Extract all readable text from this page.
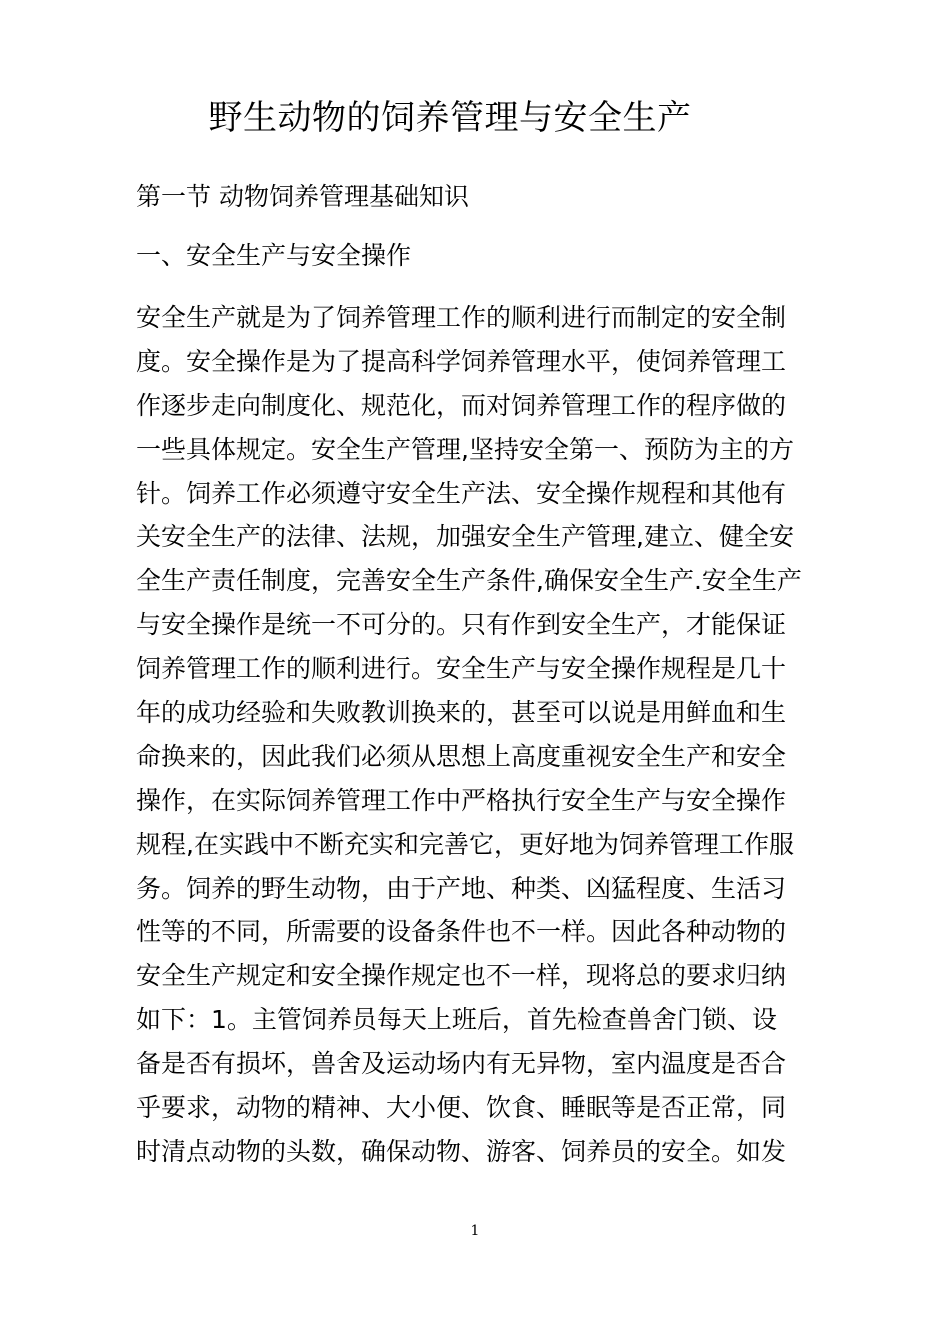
野生动物的饲养管理与安全生产
第一节 动物饲养管理基础知识
一、安全生产与安全操作
安全生产就是为了饲养管理工作的顺利进行而制定的安全制
度。安全操作是为了提高科学饲养管理水平，使饲养管理工
作逐步走向制度化、规范化，而对饲养管理工作的程序做的
一些具体规定。安全生产管理,坚持安全第一、预防为主的方
针。饲养工作必须遵守安全生产法、安全操作规程和其他有
关安全生产的法律、法规，加强安全生产管理,建立、健全安
全生产责任制度，完善安全生产条件,确保安全生产.安全生产
与安全操作是统一不可分的。只有作到安全生产，才能保证
饲养管理工作的顺利进行。安全生产与安全操作规程是几十
年的成功经验和失败教训换来的，甚至可以说是用鲜血和生
命换来的，因此我们必须从思想上高度重视安全生产和安全
操作，在实际饲养管理工作中严格执行安全生产与安全操作
规程,在实践中不断充实和完善它，更好地为饲养管理工作服
务。饲养的野生动物，由于产地、种类、凶猛程度、生活习
性等的不同，所需要的设备条件也不一样。因此各种动物的
安全生产规定和安全操作规定也不一样，现将总的要求归纳
如下：1。主管饲养员每天上班后，首先检查兽舍门锁、设
备是否有损坏，兽舍及运动场内有无异物，室内温度是否合
乎要求，动物的精神、大小便、饮食、睡眠等是否正常，同
时清点动物的头数，确保动物、游客、饲养员的安全。如发
1
